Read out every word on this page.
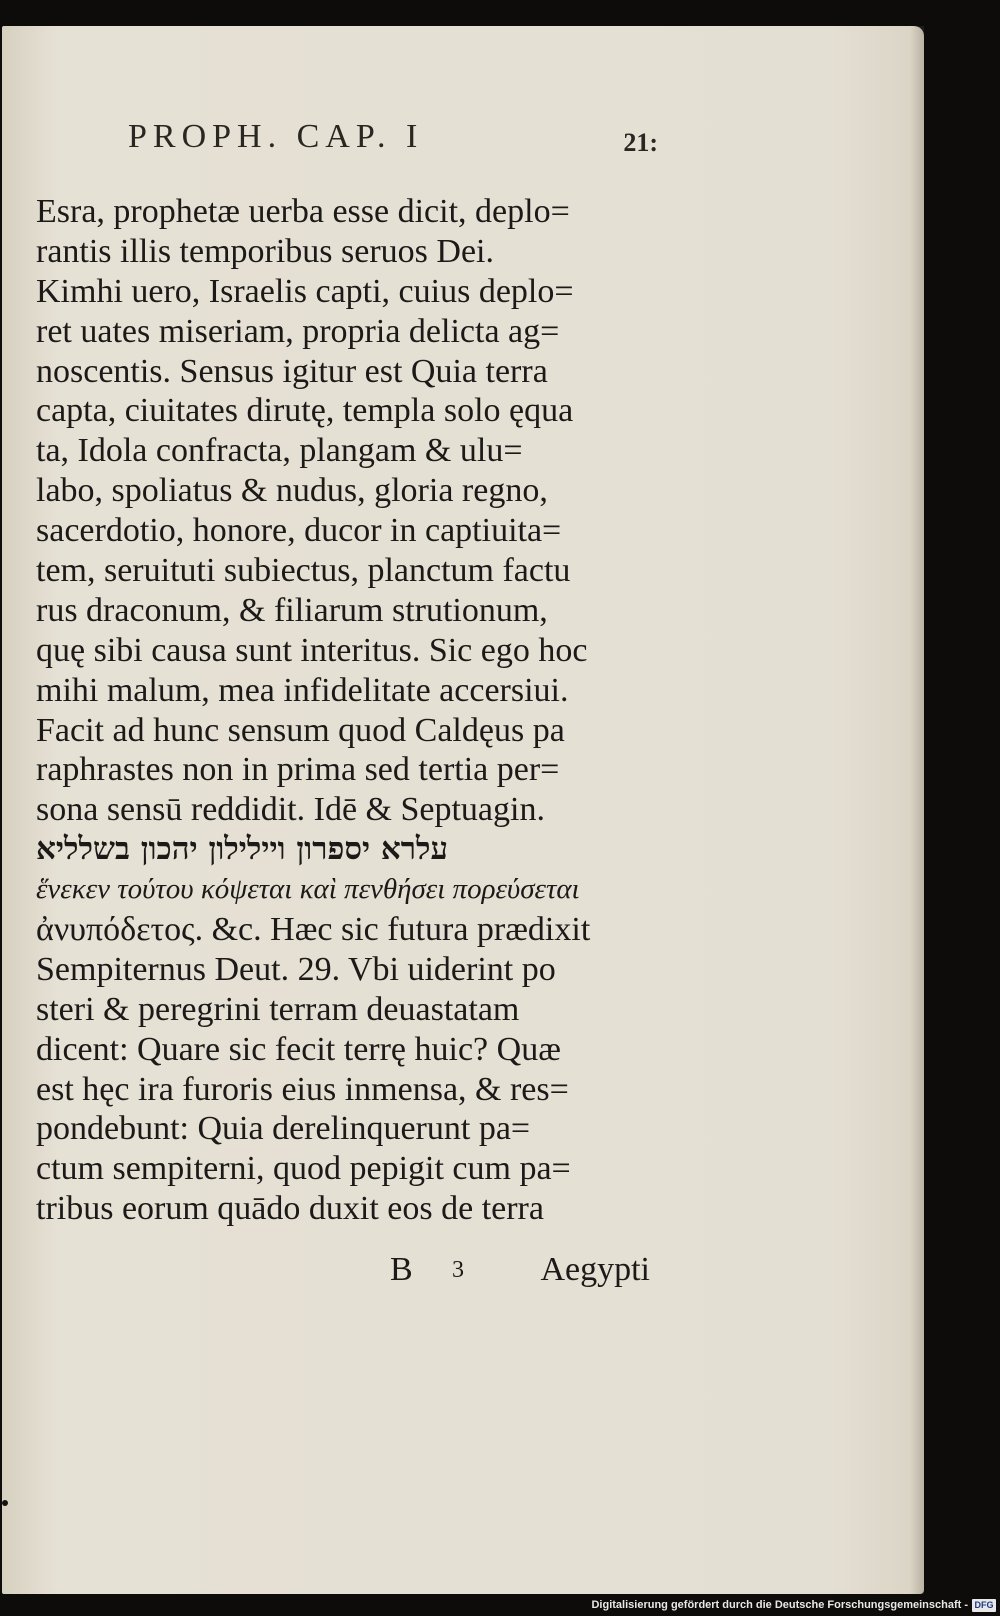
PROPH. CAP. I	21:
Esra, prophetæ uerba esse dicit, deplo=
rantis illis temporibus seruos Dei.
Kimhi uero, Israelis capti, cuius deplo=
ret uates miseriam, propria delicta ag=
noscentis. Sensus igitur est Quia terra
capta, ciuitates dirutę, templa solo ęqua
ta, Idola confracta, plangam & ulu=
labo, spoliatus & nudus, gloria regno,
sacerdotio, honore, ducor in captiuita=
tem, seruituti subiectus, planctum factu
rus draconum, & filiarum strutionum,
quę sibi causa sunt interitus. Sic ego hoc
mihi malum, mea infidelitate accersiui.
Facit ad hunc sensum quod Caldęus pa
raphrastes non in prima sed tertia per=
sona sensū reddidit. Idē & Septuagin.
עלרא יספרון ויילילון יהכון בשלליא
ἕνεκεν τούτου κόψεται καὶ πενθήσει πορεύσεται
ἀνυπόδετος. &c. Hæc sic futura prædixit
Sempiternus Deut. 29. Vbi uiderint po
steri & peregrini terram deuastatam
dicent: Quare sic fecit terrę huic? Quæ
est hęc ira furoris eius inmensa, & res=
pondebunt: Quia derelinquerunt pa=
ctum sempiterni, quod pepigit cum pa=
tribus eorum quādo duxit eos de terra
B 3 Aegypti
Digitalisierung gefördert durch die Deutsche Forschungsgemeinschaft - DFG
